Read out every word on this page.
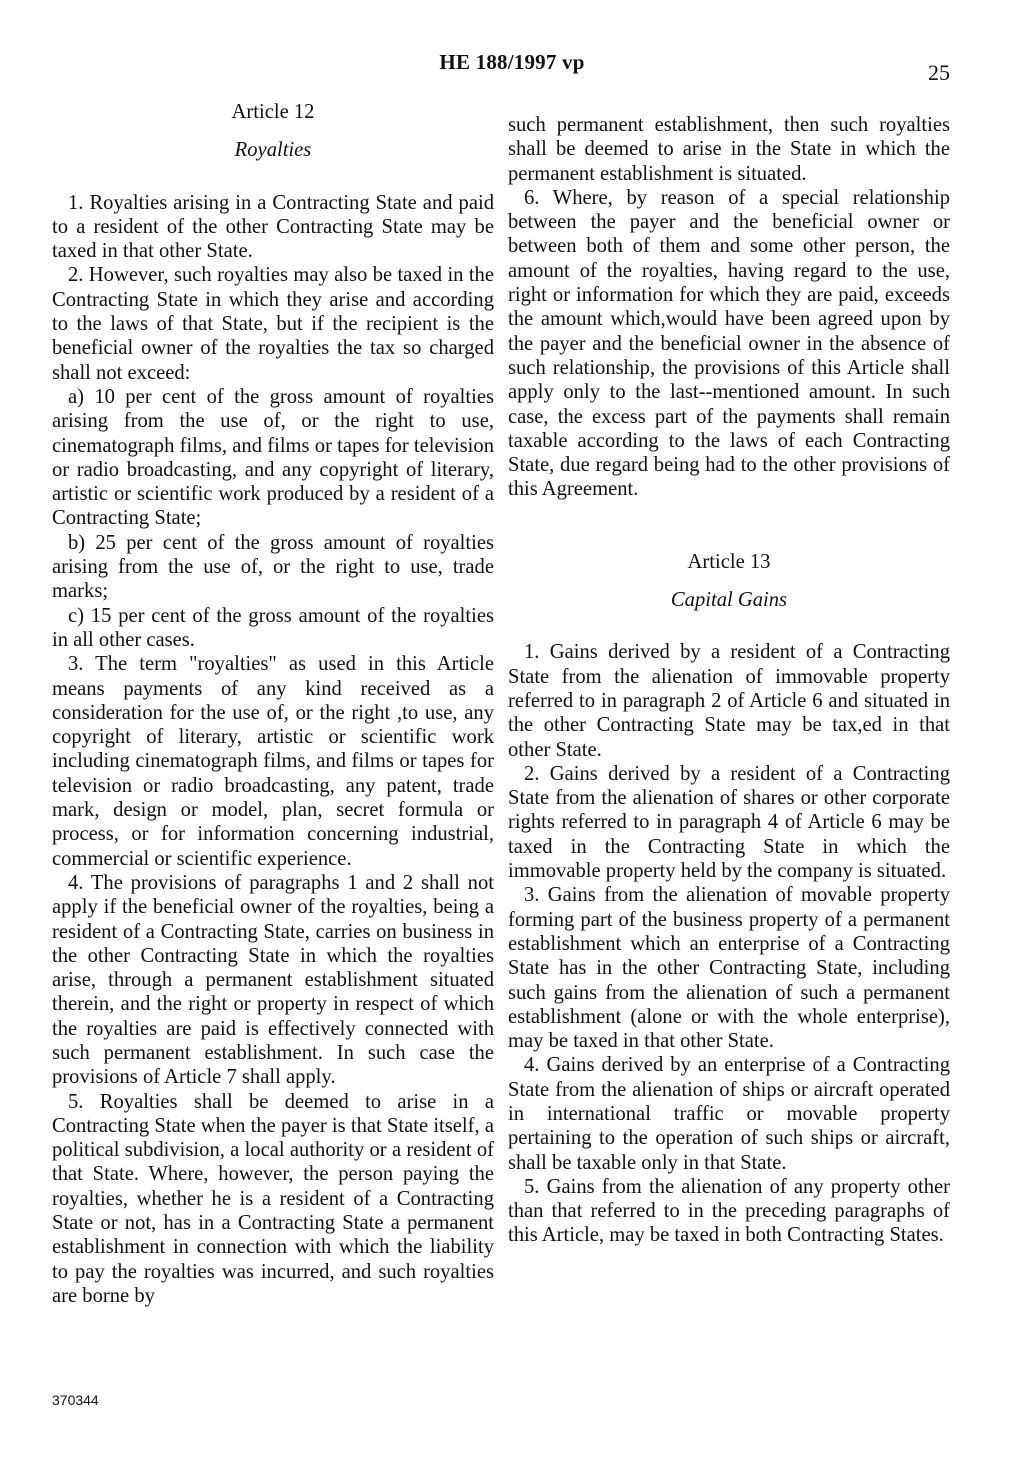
HE 188/1997 vp	25
Article 12
Royalties

1. Royalties arising in a Contracting State and paid to a resident of the other Contracting State may be taxed in that other State.

2. However, such royalties may also be taxed in the Contracting State in which they arise and according to the laws of that State, but if the recipient is the beneficial owner of the royalties the tax so charged shall not exceed:

a) 10 per cent of the gross amount of royalties arising from the use of, or the right to use, cinematograph films, and films or tapes for television or radio broadcasting, and any copyright of literary, artistic or scientific work produced by a resident of a Contracting State;

b) 25 per cent of the gross amount of royalties arising from the use of, or the right to use, trade marks;

c) 15 per cent of the gross amount of the royalties in all other cases.

3. The term "royalties" as used in this Article means payments of any kind received as a consideration for the use of, or the right ,to use, any copyright of literary, artistic or scientific work including cinematograph films, and films or tapes for television or radio broadcasting, any patent, trade mark, design or model, plan, secret formula or process, or for information concerning industrial, commercial or scientific experience.

4. The provisions of paragraphs 1 and 2 shall not apply if the beneficial owner of the royalties, being a resident of a Contracting State, carries on business in the other Contracting State in which the royalties arise, through a permanent establishment situated therein, and the right or property in respect of which the royalties are paid is effectively connected with such permanent establishment. In such case the provisions of Article 7 shall apply.

5. Royalties shall be deemed to arise in a Contracting State when the payer is that State itself, a political subdivision, a local authority or a resident of that State. Where, however, the person paying the royalties, whether he is a resident of a Contracting State or not, has in a Contracting State a permanent establishment in connection with which the liability to pay the royalties was incurred, and such royalties are borne by

such permanent establishment, then such royalties shall be deemed to arise in the State in which the permanent establishment is situated.

6. Where, by reason of a special relationship between the payer and the beneficial owner or between both of them and some other person, the amount of the royalties, having regard to the use, right or information for which they are paid, exceeds the amount which,would have been agreed upon by the payer and the beneficial owner in the absence of such relationship, the provisions of this Article shall apply only to the last--mentioned amount. In such case, the excess part of the payments shall remain taxable according to the laws of each Contracting State, due regard being had to the other provisions of this Agreement.

Article 13
Capital Gains

1. Gains derived by a resident of a Contracting State from the alienation of immovable property referred to in paragraph 2 of Article 6 and situated in the other Contracting State may be tax,ed in that other State.

2. Gains derived by a resident of a Contracting State from the alienation of shares or other corporate rights referred to in paragraph 4 of Article 6 may be taxed in the Contracting State in which the immovable property held by the company is situated.

3. Gains from the alienation of movable property forming part of the business property of a permanent establishment which an enterprise of a Contracting State has in the other Contracting State, including such gains from the alienation of such a permanent establishment (alone or with the whole enterprise), may be taxed in that other State.

4. Gains derived by an enterprise of a Contracting State from the alienation of ships or aircraft operated in international traffic or movable property pertaining to the operation of such ships or aircraft, shall be taxable only in that State.

5. Gains from the alienation of any property other than that referred to in the preceding paragraphs of this Article, may be taxed in both Contracting States.

370344
